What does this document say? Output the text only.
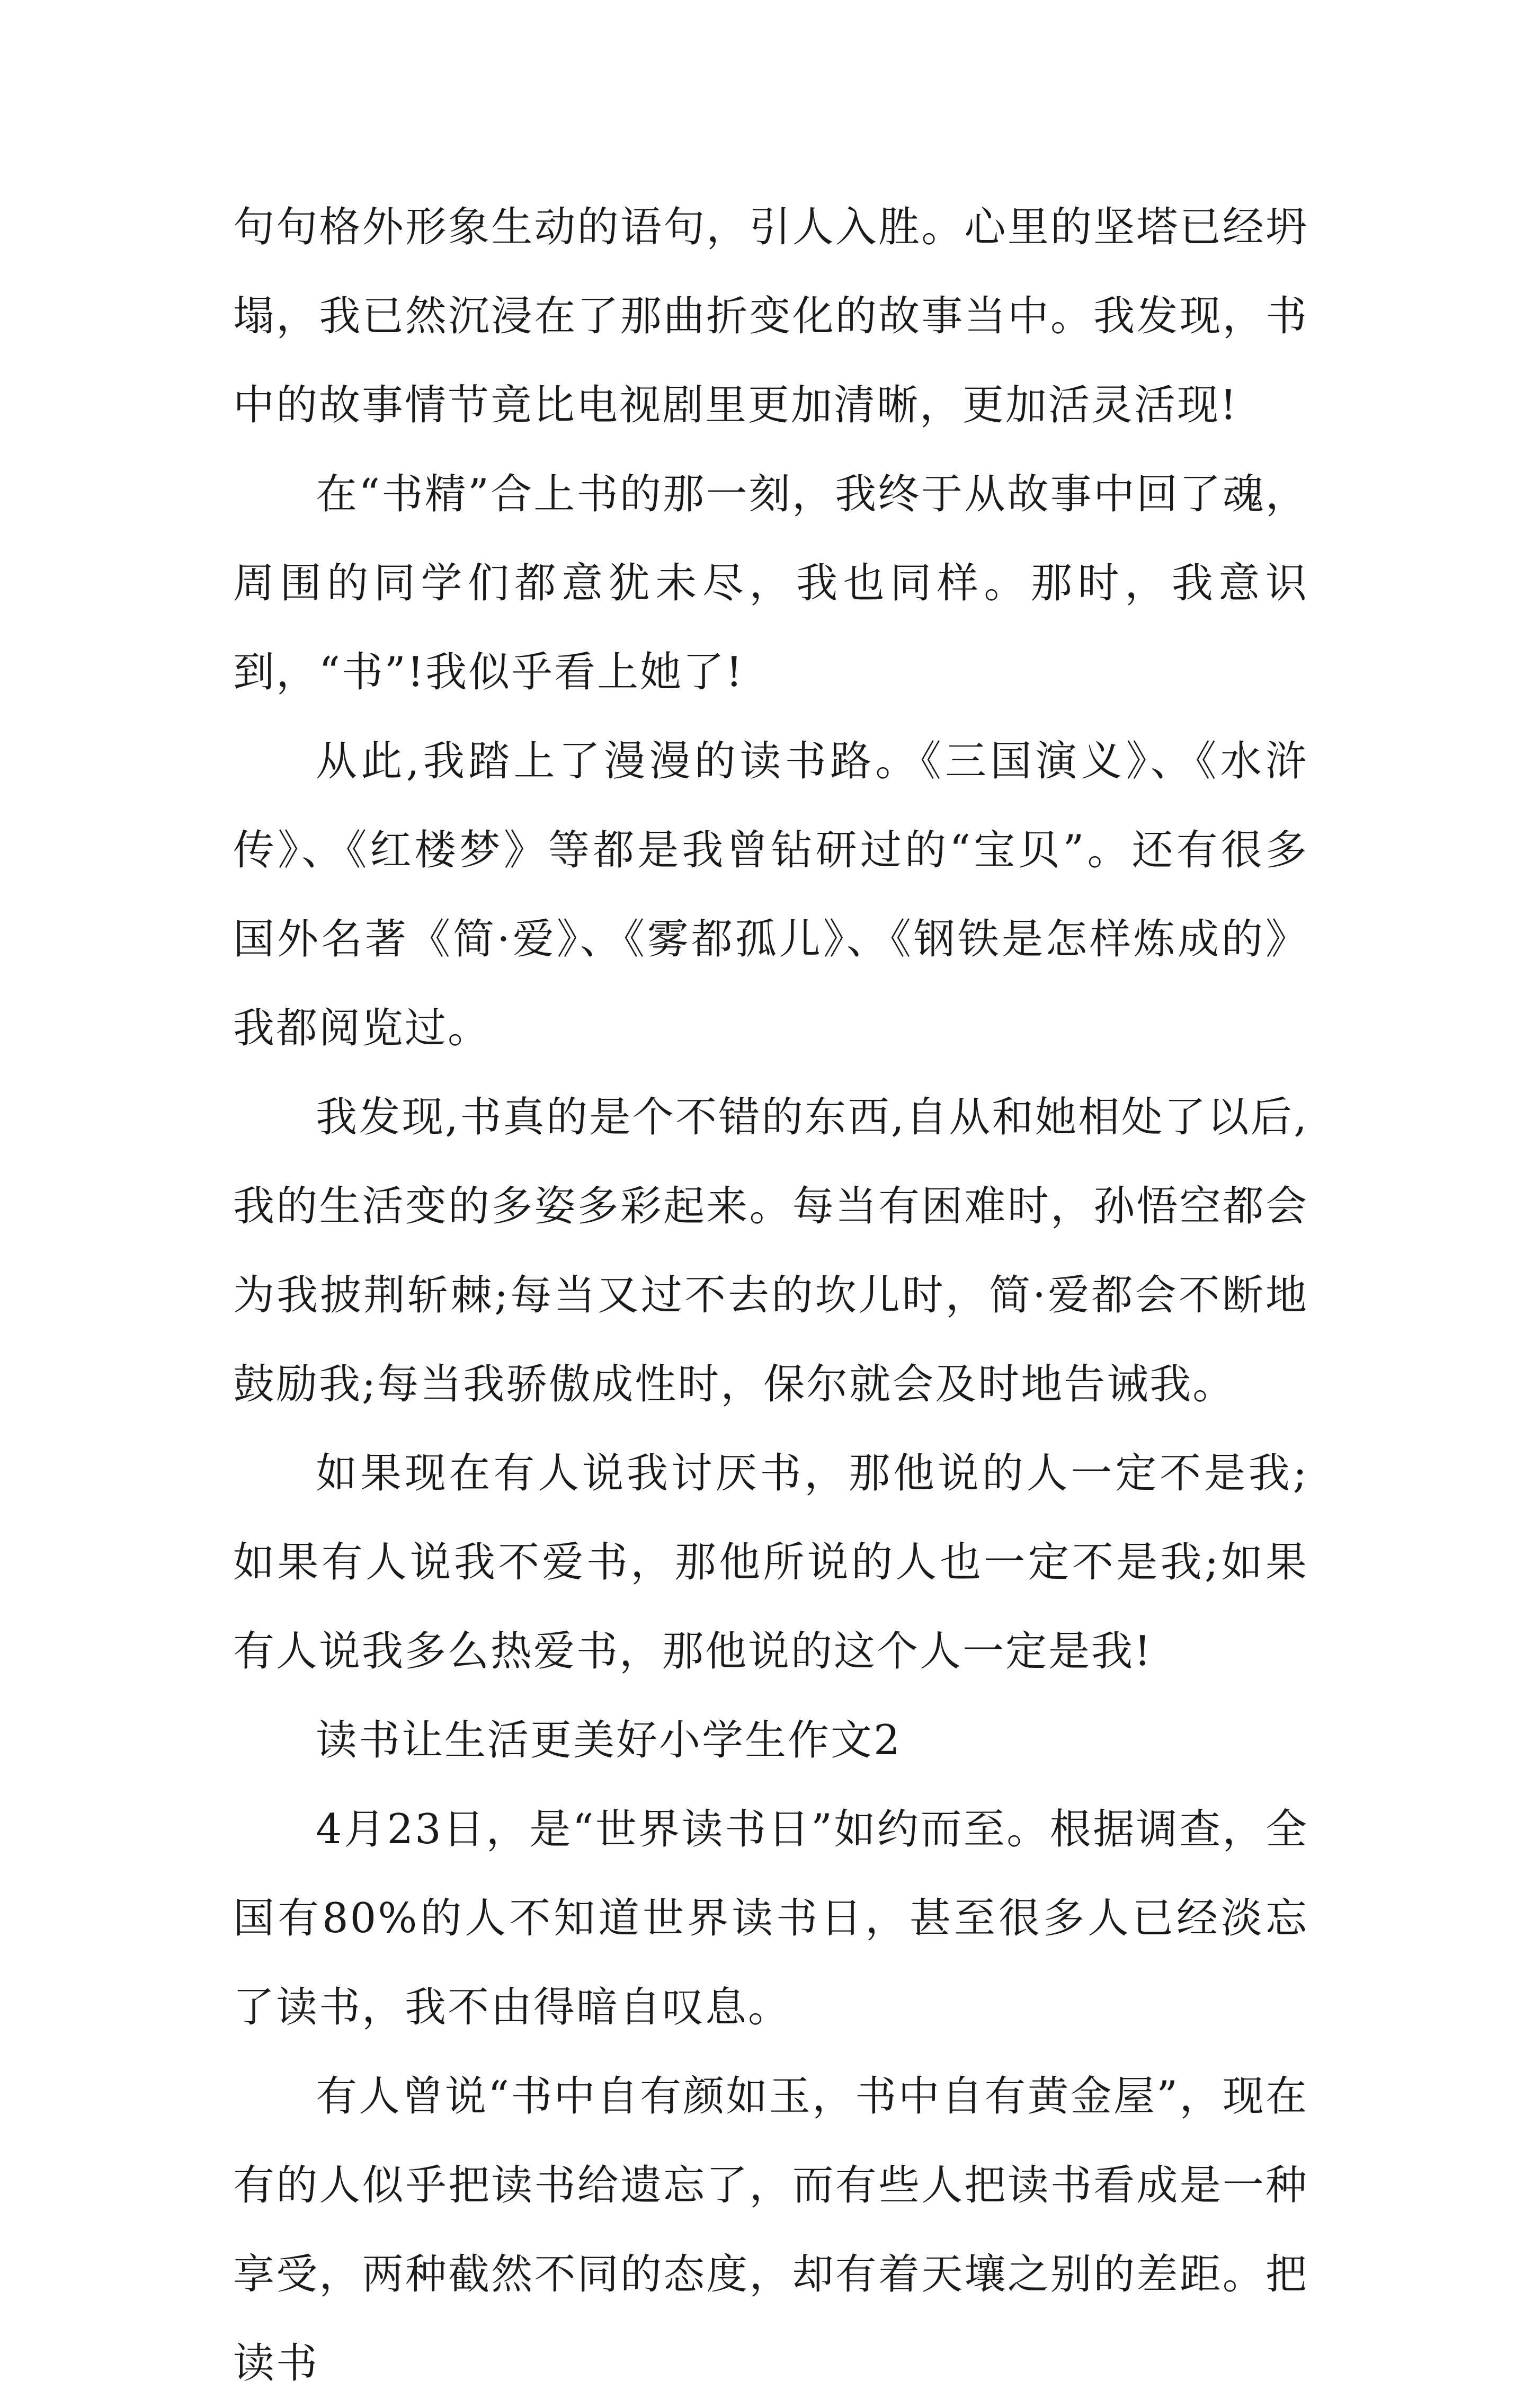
句句格外形象生动的语句，引人入胜。心里的坚塔已经坍塌，我已然沉浸在了那曲折变化的故事当中。我发现，书中的故事情节竟比电视剧里更加清晰，更加活灵活现!

在“书精”合上书的那一刻，我终于从故事中回了魂，周围的同学们都意犹未尽，我也同样。那时，我意识到，“书”!我似乎看上她了!

从此,我踏上了漫漫的读书路。《三国演义》、《水浒传》、《红楼梦》等都是我曾钻研过的“宝贝”。还有很多国外名著《简·爱》、《雾都孤儿》、《钢铁是怎样炼成的》我都阅览过。

我发现,书真的是个不错的东西,自从和她相处了以后,我的生活变的多姿多彩起来。每当有困难时，孙悟空都会为我披荆斩棘;每当又过不去的坎儿时，简·爱都会不断地鼓励我;每当我骄傲成性时，保尔就会及时地告诫我。

如果现在有人说我讨厌书，那他说的人一定不是我;如果有人说我不爱书，那他所说的人也一定不是我;如果有人说我多么热爱书，那他说的这个人一定是我!

读书让生活更美好小学生作文2

4月23日，是“世界读书日”如约而至。根据调查，全国有80%的人不知道世界读书日，甚至很多人已经淡忘了读书，我不由得暗自叹息。

有人曾说“书中自有颜如玉，书中自有黄金屋”，现在有的人似乎把读书给遗忘了，而有些人把读书看成是一种享受，两种截然不同的态度，却有着天壤之别的差距。把读书
